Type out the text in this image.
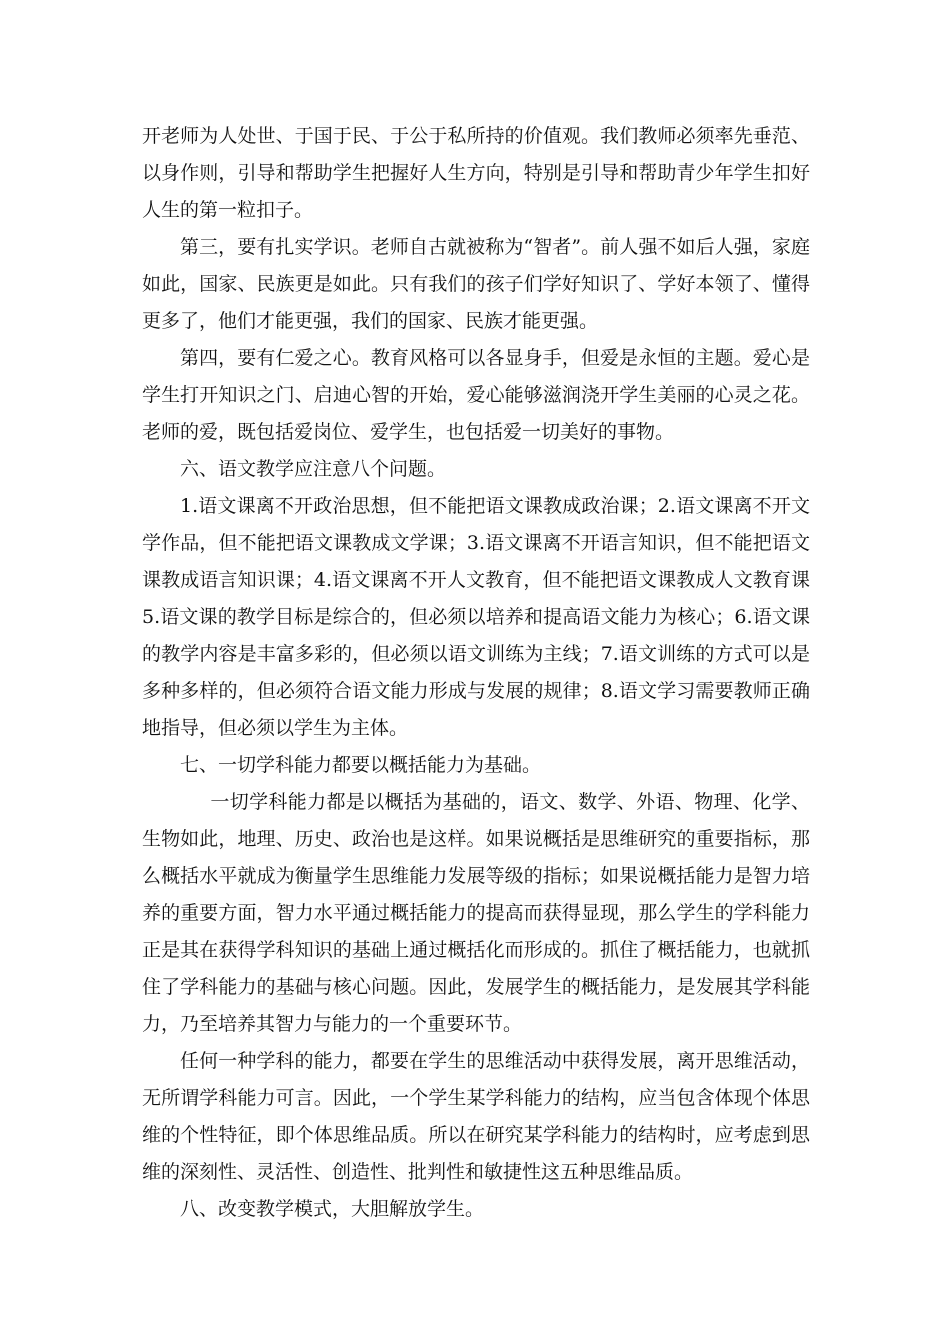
开老师为人处世、于国于民、于公于私所持的价值观。我们教师必须率先垂范、以身作则，引导和帮助学生把握好人生方向，特别是引导和帮助青少年学生扣好人生的第一粒扣子。

第三，要有扎实学识。老师自古就被称为“智者”。前人强不如后人强，家庭如此，国家、民族更是如此。只有我们的孩子们学好知识了、学好本领了、懂得更多了，他们才能更强，我们的国家、民族才能更强。

第四，要有仁爱之心。教育风格可以各显身手，但爱是永恒的主题。爱心是学生打开知识之门、启迪心智的开始，爱心能够滋润浇开学生美丽的心灵之花。老师的爱，既包括爱岗位、爱学生，也包括爱一切美好的事物。

六、语文教学应注意八个问题。

1.语文课离不开政治思想，但不能把语文课教成政治课；2.语文课离不开文学作品，但不能把语文课教成文学课；3.语文课离不开语言知识，但不能把语文课教成语言知识课；4.语文课离不开人文教育，但不能把语文课教成人文教育课5.语文课的教学目标是综合的，但必须以培养和提高语文能力为核心；6.语文课的教学内容是丰富多彩的，但必须以语文训练为主线；7.语文训练的方式可以是多种多样的，但必须符合语文能力形成与发展的规律；8.语文学习需要教师正确地指导，但必须以学生为主体。

七、一切学科能力都要以概括能力为基础。

一切学科能力都是以概括为基础的，语文、数学、外语、物理、化学、生物如此，地理、历史、政治也是这样。如果说概括是思维研究的重要指标，那么概括水平就成为衡量学生思维能力发展等级的指标；如果说概括能力是智力培养的重要方面，智力水平通过概括能力的提高而获得显现，那么学生的学科能力正是其在获得学科知识的基础上通过概括化而形成的。抓住了概括能力，也就抓住了学科能力的基础与核心问题。因此，发展学生的概括能力，是发展其学科能力，乃至培养其智力与能力的一个重要环节。

任何一种学科的能力，都要在学生的思维活动中获得发展，离开思维活动，无所谓学科能力可言。因此，一个学生某学科能力的结构，应当包含体现个体思维的个性特征，即个体思维品质。所以在研究某学科能力的结构时，应考虑到思维的深刻性、灵活性、创造性、批判性和敏捷性这五种思维品质。

八、改变教学模式，大胆解放学生。
